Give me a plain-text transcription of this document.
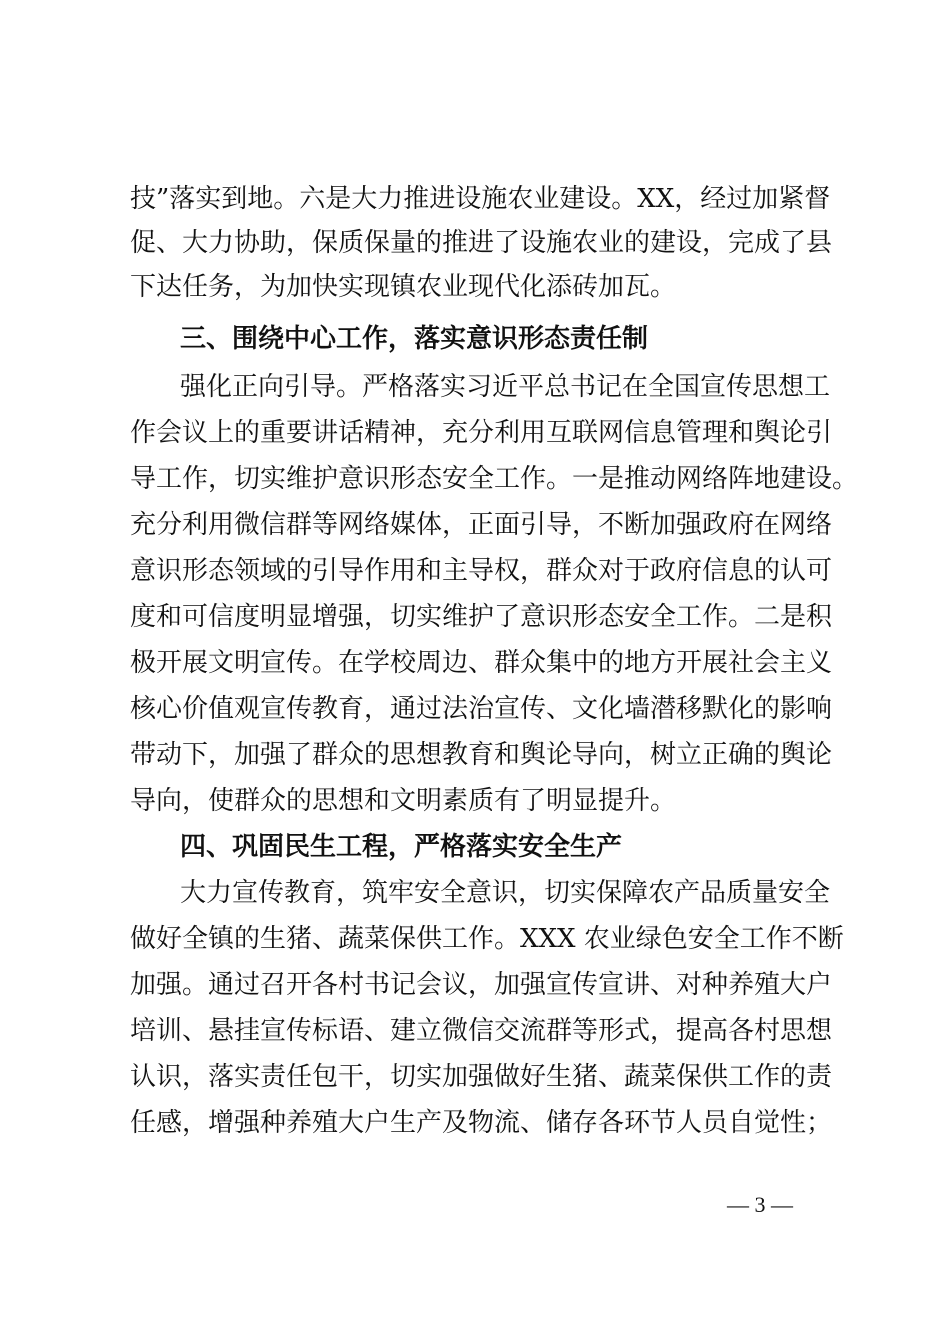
技”落实到地。六是大力推进设施农业建设。XX，经过加紧督
促、大力协助，保质保量的推进了设施农业的建设，完成了县
下达任务，为加快实现镇农业现代化添砖加瓦。
三、围绕中心工作，落实意识形态责任制
强化正向引导。严格落实习近平总书记在全国宣传思想工
作会议上的重要讲话精神，充分利用互联网信息管理和舆论引
导工作，切实维护意识形态安全工作。一是推动网络阵地建设。
充分利用微信群等网络媒体，正面引导，不断加强政府在网络
意识形态领域的引导作用和主导权，群众对于政府信息的认可
度和可信度明显增强，切实维护了意识形态安全工作。二是积
极开展文明宣传。在学校周边、群众集中的地方开展社会主义
核心价值观宣传教育，通过法治宣传、文化墙潜移默化的影响
带动下，加强了群众的思想教育和舆论导向，树立正确的舆论
导向，使群众的思想和文明素质有了明显提升。
四、巩固民生工程，严格落实安全生产
大力宣传教育，筑牢安全意识，切实保障农产品质量安全
做好全镇的生猪、蔬菜保供工作。XXX 农业绿色安全工作不断
加强。通过召开各村书记会议，加强宣传宣讲、对种养殖大户
培训、悬挂宣传标语、建立微信交流群等形式，提高各村思想
认识，落实责任包干，切实加强做好生猪、蔬菜保供工作的责
任感，增强种养殖大户生产及物流、储存各环节人员自觉性；
— 3 —
